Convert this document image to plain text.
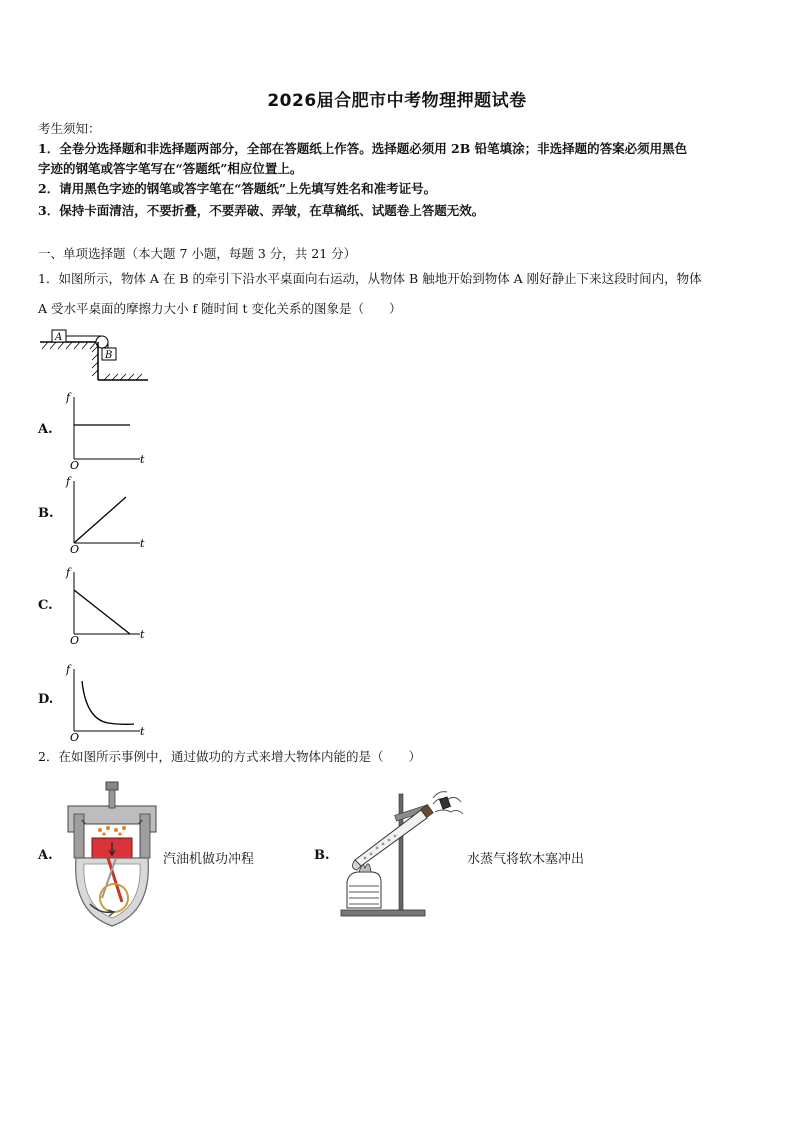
2026届合肥市中考物理押题试卷
考生须知：
1．全卷分选择题和非选择题两部分，全部在答题纸上作答。选择题必须用 2B 铅笔填涂；非选择题的答案必须用黑色
字迹的钢笔或答字笔写在“答题纸”相应位置上。
2．请用黑色字迹的钢笔或答字笔在“答题纸”上先填写姓名和准考证号。
3．保持卡面清洁，不要折叠，不要弄破、弄皱，在草稿纸、试题卷上答题无效。
一、单项选择题（本大题 7 小题，每题 3 分，共 21 分）
1．如图所示，物体 A 在 B 的牵引下沿水平桌面向右运动，从物体 B 触地开始到物体 A 刚好静止下来这段时间内，物体
A 受水平桌面的摩擦力大小 f 随时间 t 变化关系的图象是（　　）
A
B
A.
f
t
O
B.
f
t
O
C.
f
t
O
D.
f
t
O
2．在如图所示事例中，通过做功的方式来增大物体内能的是（　　）
A.	汽油机做功冲程	B.	水蒸气将软木塞冲出
